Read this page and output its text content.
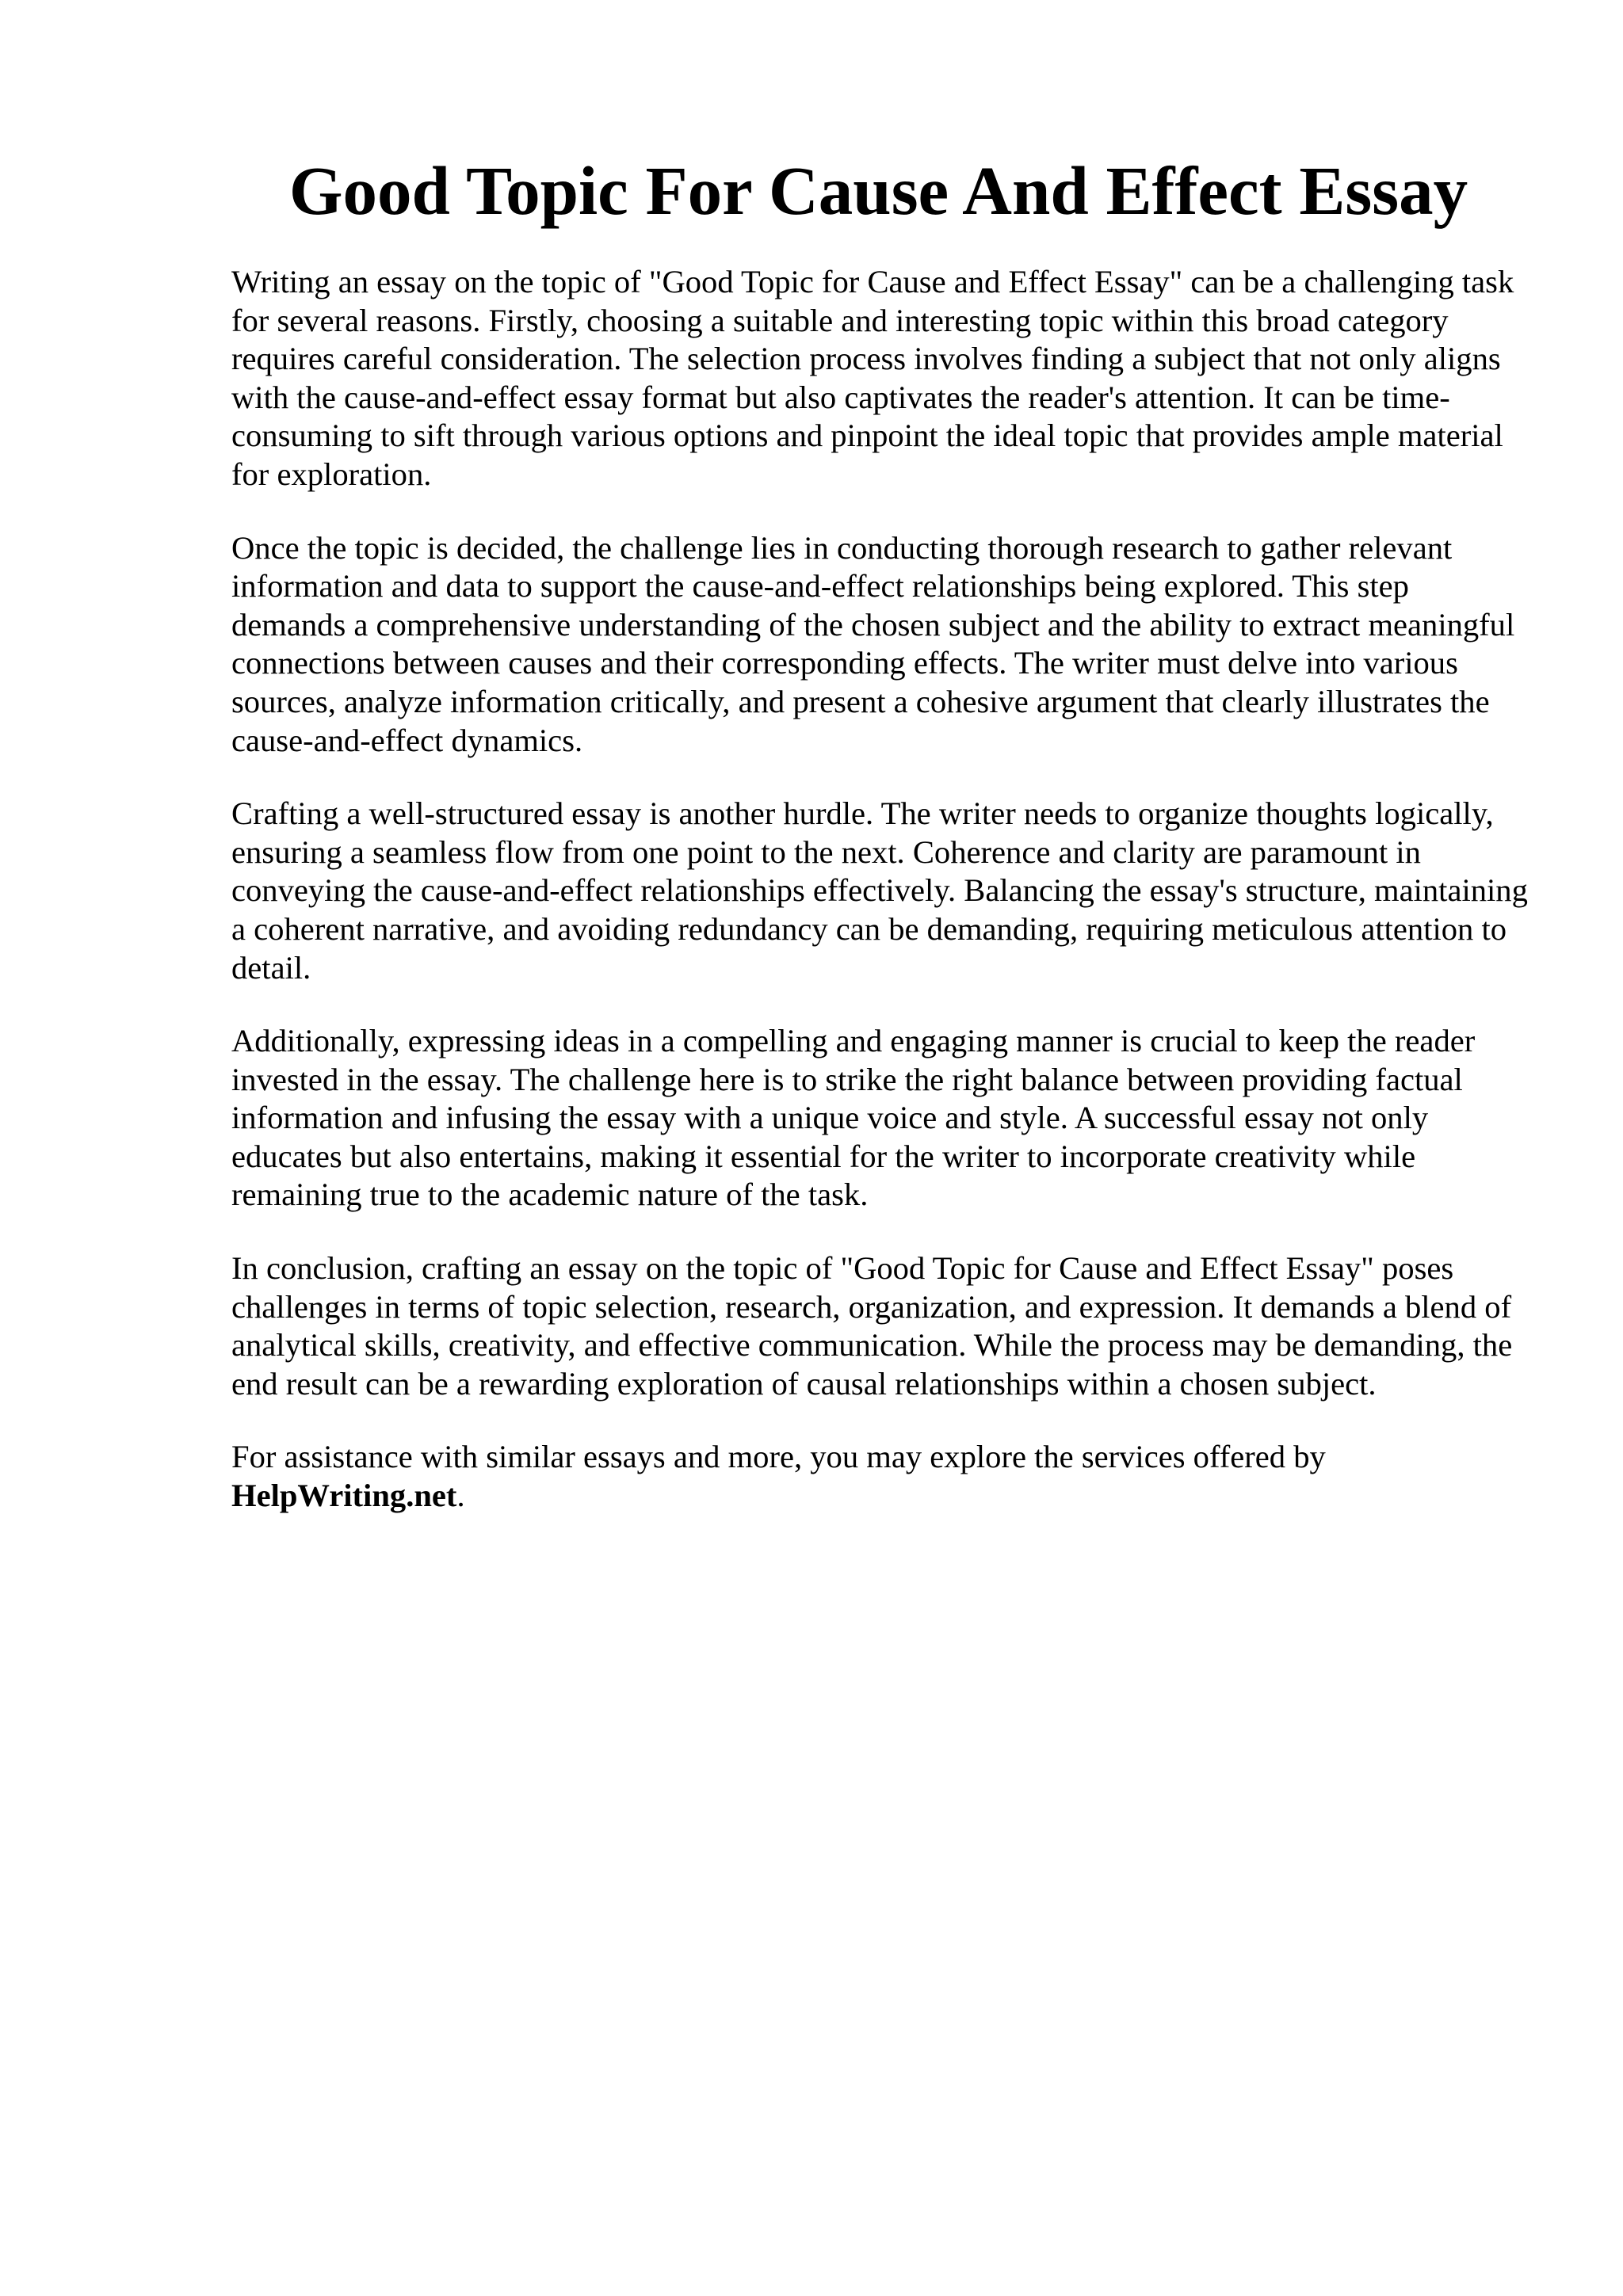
Good Topic For Cause And Effect Essay

Writing an essay on the topic of "Good Topic for Cause and Effect Essay" can be a challenging task for several reasons. Firstly, choosing a suitable and interesting topic within this broad category requires careful consideration. The selection process involves finding a subject that not only aligns with the cause-and-effect essay format but also captivates the reader's attention. It can be time-consuming to sift through various options and pinpoint the ideal topic that provides ample material for exploration.

Once the topic is decided, the challenge lies in conducting thorough research to gather relevant information and data to support the cause-and-effect relationships being explored. This step demands a comprehensive understanding of the chosen subject and the ability to extract meaningful connections between causes and their corresponding effects. The writer must delve into various sources, analyze information critically, and present a cohesive argument that clearly illustrates the cause-and-effect dynamics.

Crafting a well-structured essay is another hurdle. The writer needs to organize thoughts logically, ensuring a seamless flow from one point to the next. Coherence and clarity are paramount in conveying the cause-and-effect relationships effectively. Balancing the essay's structure, maintaining a coherent narrative, and avoiding redundancy can be demanding, requiring meticulous attention to detail.

Additionally, expressing ideas in a compelling and engaging manner is crucial to keep the reader invested in the essay. The challenge here is to strike the right balance between providing factual information and infusing the essay with a unique voice and style. A successful essay not only educates but also entertains, making it essential for the writer to incorporate creativity while remaining true to the academic nature of the task.

In conclusion, crafting an essay on the topic of "Good Topic for Cause and Effect Essay" poses challenges in terms of topic selection, research, organization, and expression. It demands a blend of analytical skills, creativity, and effective communication. While the process may be demanding, the end result can be a rewarding exploration of causal relationships within a chosen subject.

For assistance with similar essays and more, you may explore the services offered by
HelpWriting.net.
